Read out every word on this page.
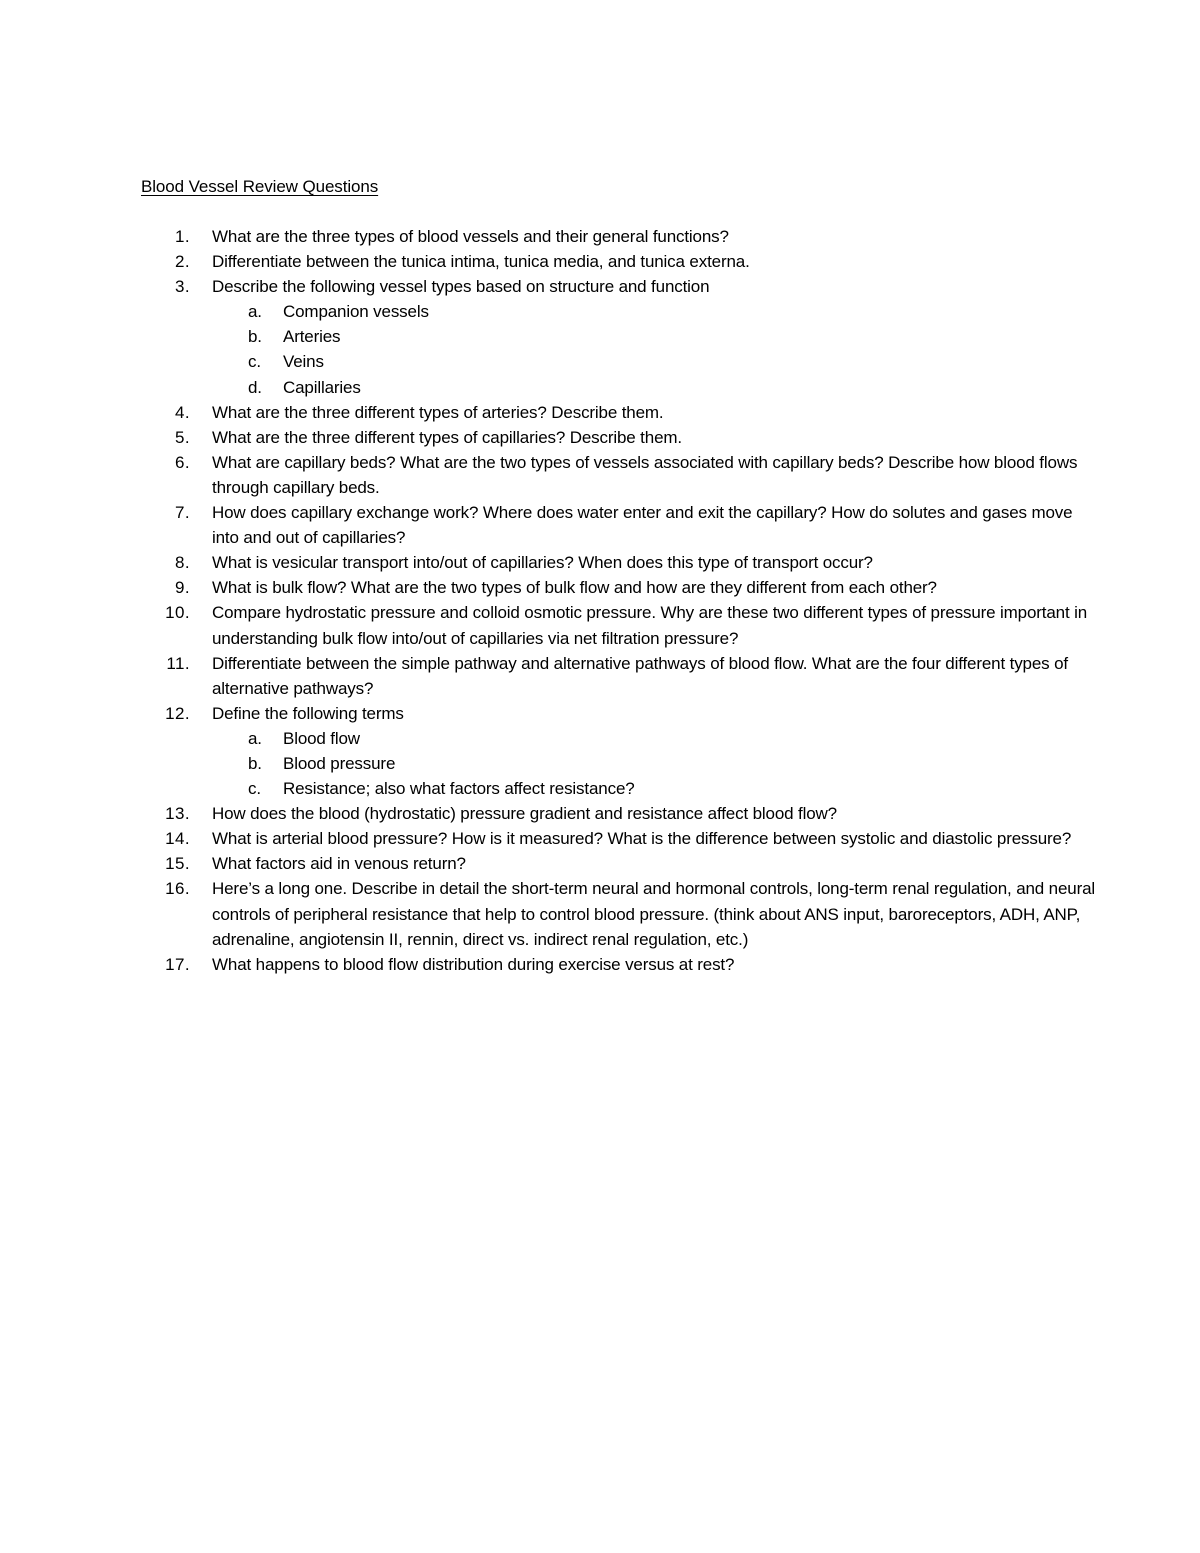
Blood Vessel Review Questions
1. What are the three types of blood vessels and their general functions?
2. Differentiate between the tunica intima, tunica media, and tunica externa.
3. Describe the following vessel types based on structure and function
a. Companion vessels
b. Arteries
c. Veins
d. Capillaries
4. What are the three different types of arteries? Describe them.
5. What are the three different types of capillaries? Describe them.
6. What are capillary beds? What are the two types of vessels associated with capillary beds? Describe how blood flows through capillary beds.
7. How does capillary exchange work? Where does water enter and exit the capillary? How do solutes and gases move into and out of capillaries?
8. What is vesicular transport into/out of capillaries? When does this type of transport occur?
9. What is bulk flow? What are the two types of bulk flow and how are they different from each other?
10. Compare hydrostatic pressure and colloid osmotic pressure. Why are these two different types of pressure important in understanding bulk flow into/out of capillaries via net filtration pressure?
11. Differentiate between the simple pathway and alternative pathways of blood flow. What are the four different types of alternative pathways?
12. Define the following terms
a. Blood flow
b. Blood pressure
c. Resistance; also what factors affect resistance?
13. How does the blood (hydrostatic) pressure gradient and resistance affect blood flow?
14. What is arterial blood pressure? How is it measured? What is the difference between systolic and diastolic pressure?
15. What factors aid in venous return?
16. Here’s a long one. Describe in detail the short-term neural and hormonal controls, long-term renal regulation, and neural controls of peripheral resistance that help to control blood pressure. (think about ANS input, baroreceptors, ADH, ANP, adrenaline, angiotensin II, rennin, direct vs. indirect renal regulation, etc.)
17. What happens to blood flow distribution during exercise versus at rest?
